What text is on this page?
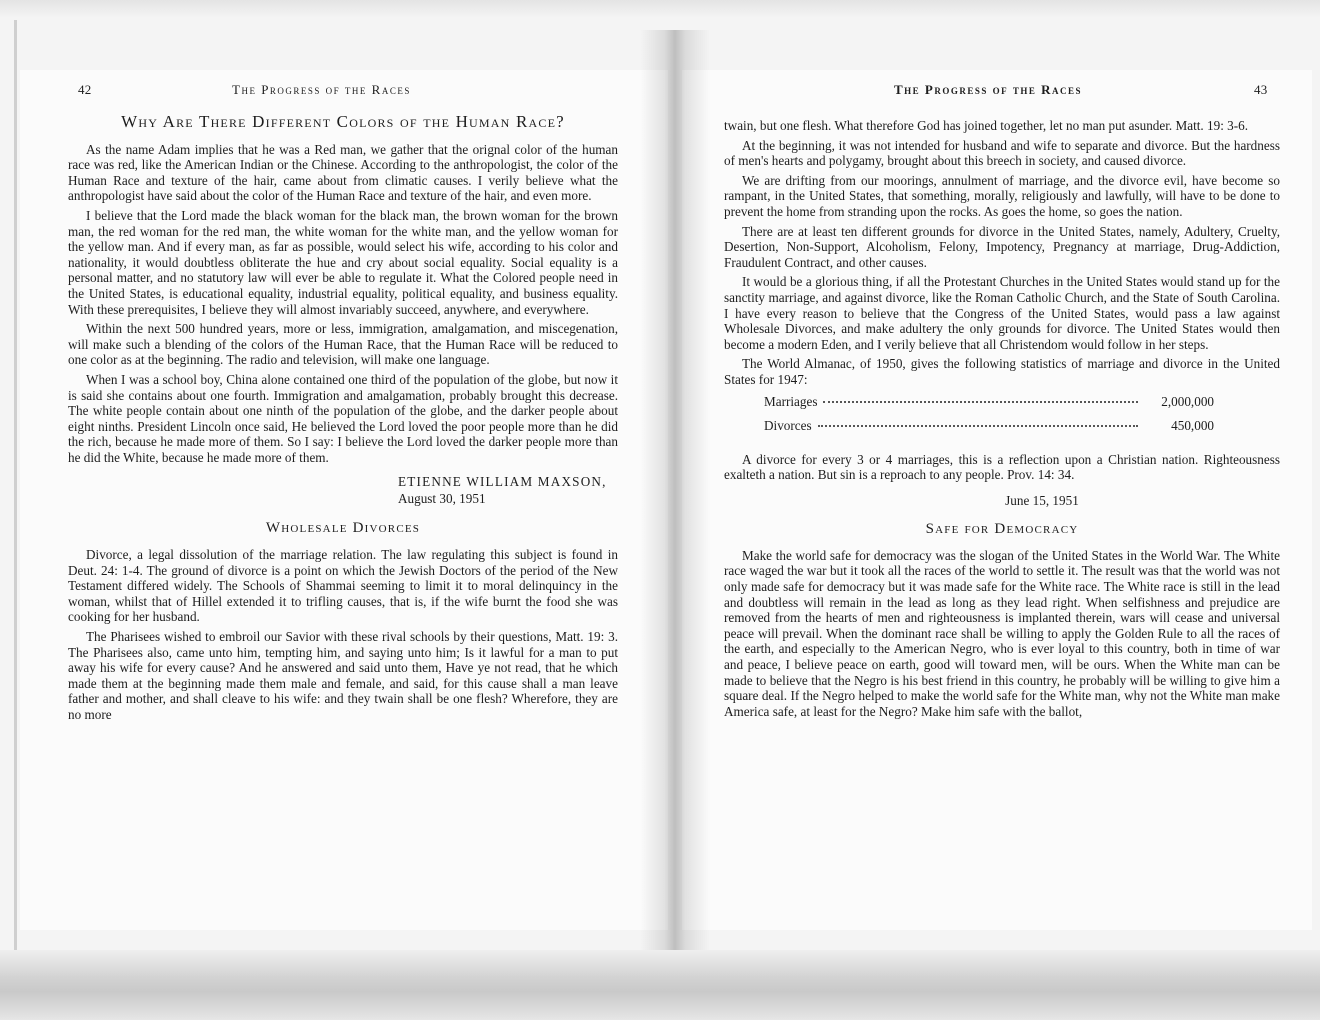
42	The Progress of the Races
Why Are There Different Colors of the Human Race?

As the name Adam implies that he was a Red man, we gather that the orignal color of the human race was red, like the American Indian or the Chinese. According to the anthropologist, the color of the Human Race and texture of the hair, came about from climatic causes. I verily believe what the anthropologist have said about the color of the Human Race and texture of the hair, and even more.

I believe that the Lord made the black woman for the black man, the brown woman for the brown man, the red woman for the red man, the white woman for the white man, and the yellow woman for the yellow man. And if every man, as far as possible, would select his wife, according to his color and nationality, it would doubtless obliterate the hue and cry about social equality. Social equality is a personal matter, and no statutory law will ever be able to regulate it. What the Colored people need in the United States, is educational equality, industrial equality, political equality, and business equality. With these prerequisites, I believe they will almost invariably succeed, anywhere, and everywhere.

Within the next 500 hundred years, more or less, immigration, amalgamation, and miscegenation, will make such a blending of the colors of the Human Race, that the Human Race will be reduced to one color as at the beginning. The radio and television, will make one language.

When I was a school boy, China alone contained one third of the population of the globe, but now it is said she contains about one fourth. Immigration and amalgamation, probably brought this decrease. The white people contain about one ninth of the population of the globe, and the darker people about eight ninths. President Lincoln once said, He believed the Lord loved the poor people more than he did the rich, because he made more of them. So I say: I believe the Lord loved the darker people more than he did the White, because he made more of them.

ETIENNE WILLIAM MAXSON,
August 30, 1951
Wholesale Divorces

Divorce, a legal dissolution of the marriage relation. The law regulating this subject is found in Deut. 24: 1-4. The ground of divorce is a point on which the Jewish Doctors of the period of the New Testament differed widely. The Schools of Shammai seeming to limit it to moral delinquincy in the woman, whilst that of Hillel extended it to trifling causes, that is, if the wife burnt the food she was cooking for her husband.

The Pharisees wished to embroil our Savior with these rival schools by their questions, Matt. 19: 3. The Pharisees also, came unto him, tempting him, and saying unto him; Is it lawful for a man to put away his wife for every cause? And he answered and said unto them, Have ye not read, that he which made them at the beginning made them male and female, and said, for this cause shall a man leave father and mother, and shall cleave to his wife: and they twain shall be one flesh? Wherefore, they are no more

The Progress of the Races	43

twain, but one flesh. What therefore God has joined together, let no man put asunder. Matt. 19: 3-6.

At the beginning, it was not intended for husband and wife to separate and divorce. But the hardness of men's hearts and polygamy, brought about this breech in society, and caused divorce.

We are drifting from our moorings, annulment of marriage, and the divorce evil, have become so rampant, in the United States, that something, morally, religiously and lawfully, will have to be done to prevent the home from stranding upon the rocks. As goes the home, so goes the nation.

There are at least ten different grounds for divorce in the United States, namely, Adultery, Cruelty, Desertion, Non-Support, Alcoholism, Felony, Impotency, Pregnancy at marriage, Drug-Addiction, Fraudulent Contract, and other causes.

It would be a glorious thing, if all the Protestant Churches in the United States would stand up for the sanctity marriage, and against divorce, like the Roman Catholic Church, and the State of South Carolina. I have every reason to believe that the Congress of the United States, would pass a law against Wholesale Divorces, and make adultery the only grounds for divorce. The United States would then become a modern Eden, and I verily believe that all Christendom would follow in her steps.

The World Almanac, of 1950, gives the following statistics of marriage and divorce in the United States for 1947:

Marriages	2,000,000
Divorces	450,000

A divorce for every 3 or 4 marriages, this is a reflection upon a Christian nation. Righteousness exalteth a nation. But sin is a reproach to any people. Prov. 14: 34.

June 15, 1951
Safe for Democracy

Make the world safe for democracy was the slogan of the United States in the World War. The White race waged the war but it took all the races of the world to settle it. The result was that the world was not only made safe for democracy but it was made safe for the White race. The White race is still in the lead and doubtless will remain in the lead as long as they lead right. When selfishness and prejudice are removed from the hearts of men and righteousness is implanted therein, wars will cease and universal peace will prevail. When the dominant race shall be willing to apply the Golden Rule to all the races of the earth, and especially to the American Negro, who is ever loyal to this country, both in time of war and peace, I believe peace on earth, good will toward men, will be ours. When the White man can be made to believe that the Negro is his best friend in this country, he probably will be willing to give him a square deal. If the Negro helped to make the world safe for the White man, why not the White man make America safe, at least for the Negro? Make him safe with the ballot,
